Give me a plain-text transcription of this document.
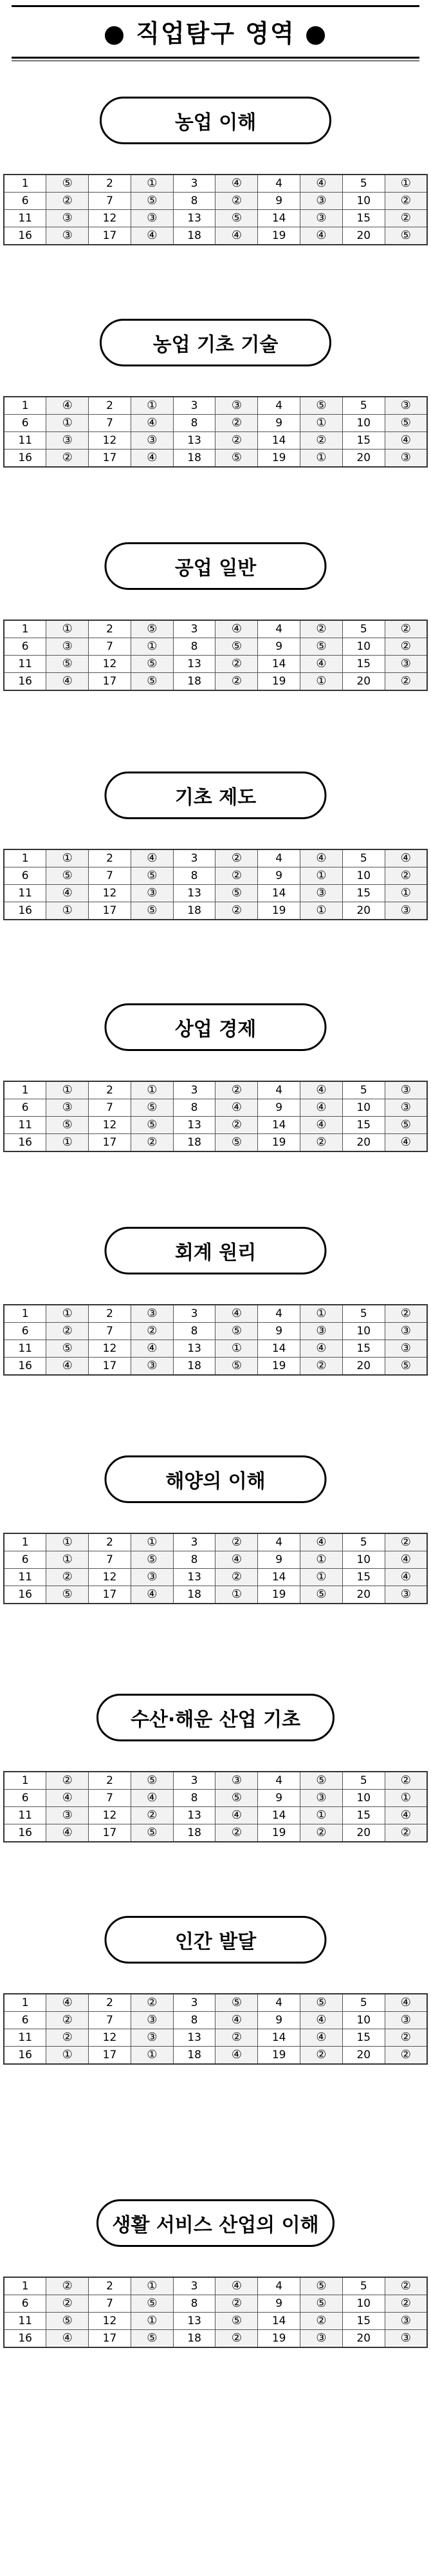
● 직업탐구 영역 ●
농업 이해
1	⑤	2	①	3	④	4	④	5	①
6	②	7	⑤	8	②	9	③	10	②
11	③	12	③	13	⑤	14	③	15	②
16	③	17	④	18	④	19	④	20	⑤
농업 기초 기술
1	④	2	①	3	③	4	⑤	5	③
6	①	7	④	8	②	9	①	10	⑤
11	③	12	③	13	②	14	②	15	④
16	②	17	④	18	⑤	19	①	20	③
공업 일반
1	①	2	⑤	3	④	4	②	5	②
6	③	7	①	8	⑤	9	⑤	10	②
11	⑤	12	⑤	13	②	14	④	15	③
16	④	17	⑤	18	②	19	①	20	②
기초 제도
1	①	2	④	3	②	4	④	5	④
6	⑤	7	⑤	8	②	9	①	10	②
11	④	12	③	13	⑤	14	③	15	①
16	①	17	⑤	18	②	19	①	20	③
상업 경제
1	①	2	①	3	②	4	④	5	③
6	③	7	⑤	8	④	9	④	10	③
11	⑤	12	⑤	13	②	14	④	15	⑤
16	①	17	②	18	⑤	19	②	20	④
회계 원리
1	①	2	③	3	④	4	①	5	②
6	②	7	②	8	⑤	9	③	10	③
11	⑤	12	④	13	①	14	④	15	③
16	④	17	③	18	⑤	19	②	20	⑤
해양의 이해
1	①	2	①	3	②	4	④	5	②
6	①	7	⑤	8	④	9	①	10	④
11	②	12	③	13	②	14	①	15	④
16	⑤	17	④	18	①	19	⑤	20	③
수산·해운 산업 기초
1	②	2	⑤	3	③	4	⑤	5	②
6	④	7	④	8	⑤	9	③	10	①
11	③	12	②	13	④	14	①	15	④
16	④	17	⑤	18	②	19	②	20	②
인간 발달
1	④	2	②	3	⑤	4	⑤	5	④
6	②	7	③	8	④	9	④	10	③
11	②	12	③	13	②	14	④	15	②
16	①	17	①	18	④	19	②	20	②
생활 서비스 산업의 이해
1	②	2	①	3	④	4	⑤	5	②
6	②	7	⑤	8	②	9	⑤	10	②
11	⑤	12	①	13	⑤	14	②	15	③
16	④	17	⑤	18	②	19	③	20	③
